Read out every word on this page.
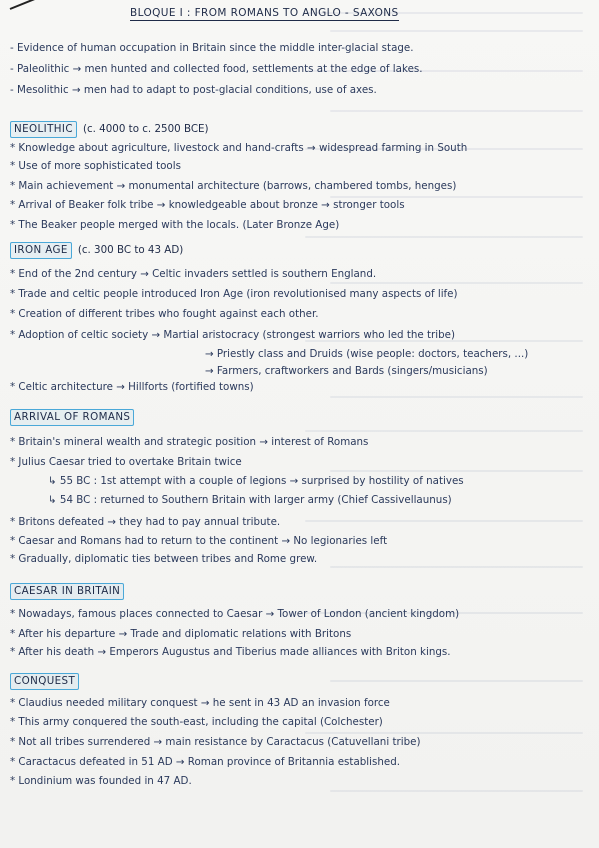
BLOQUE I : FROM ROMANS TO ANGLO - SAXONS
- Evidence of human occupation in Britain since the middle inter-glacial stage.
- Paleolithic → men hunted and collected food, settlements at the edge of lakes.
- Mesolithic → men had to adapt to post-glacial conditions, use of axes.
NEOLITHIC (c. 4000 to c. 2500 BCE)
* Knowledge about agriculture, livestock and hand-crafts → widespread farming in South
* Use of more sophisticated tools
* Main achievement → monumental architecture (barrows, chambered tombs, henges)
* Arrival of Beaker folk tribe → knowledgeable about bronze → stronger tools
* The Beaker people merged with the locals. (Later Bronze Age)
IRON AGE (c. 300 BC to 43 AD)
* End of the 2nd century → Celtic invaders settled is southern England.
* Trade and celtic people introduced Iron Age (iron revolutionised many aspects of life)
* Creation of different tribes who fought against each other.
* Adoption of celtic society → Martial aristocracy (strongest warriors who led the tribe)
→ Priestly class and Druids (wise people: doctors, teachers, ...)
→ Farmers, craftworkers and Bards (singers/musicians)
* Celtic architecture → Hillforts (fortified towns)
ARRIVAL OF ROMANS
* Britain's mineral wealth and strategic position → interest of Romans
* Julius Caesar tried to overtake Britain twice
↳ 55 BC : 1st attempt with a couple of legions → surprised by hostility of natives
↳ 54 BC : returned to Southern Britain with larger army (Chief Cassivellaunus)
* Britons defeated → they had to pay annual tribute.
* Caesar and Romans had to return to the continent → No legionaries left
* Gradually, diplomatic ties between tribes and Rome grew.
CAESAR IN BRITAIN
* Nowadays, famous places connected to Caesar → Tower of London (ancient kingdom)
* After his departure → Trade and diplomatic relations with Britons
* After his death → Emperors Augustus and Tiberius made alliances with Briton kings.
CONQUEST
* Claudius needed military conquest → he sent in 43 AD an invasion force
* This army conquered the south-east, including the capital (Colchester)
* Not all tribes surrendered → main resistance by Caractacus (Catuvellani tribe)
* Caractacus defeated in 51 AD → Roman province of Britannia established.
* Londinium was founded in 47 AD.
